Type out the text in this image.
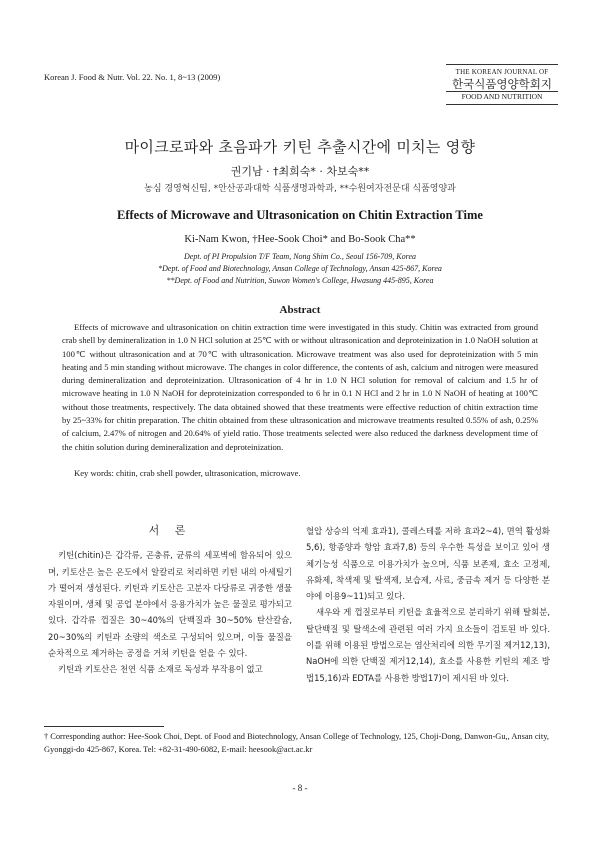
Korean J. Food & Nutr. Vol. 22. No. 1, 8~13 (2009)	THE KOREAN JOURNAL OF
한국식품영양학회지
FOOD AND NUTRITION
마이크로파와 초음파가 키틴 추출시간에 미치는 영향
권기남 · †최희숙* · 차보숙**
농심 경영혁신팀, *안산공과대학 식품생명과학과, **수원여자전문대 식품영양과
Effects of Microwave and Ultrasonication on Chitin Extraction Time
Ki-Nam Kwon, †Hee-Sook Choi* and Bo-Sook Cha**
Dept. of PI Propulsion T/F Team, Nong Shim Co., Seoul 156-709, Korea
*Dept. of Food and Biotechnology, Ansan College of Technology, Ansan 425-867, Korea
**Dept. of Food and Nutrition, Suwon Women's College, Hwasung 445-895, Korea
Abstract
Effects of microwave and ultrasonication on chitin extraction time were investigated in this study. Chitin was extracted from ground crab shell by demineralization in 1.0 N HCl solution at 25℃ with or without ultrasonication and deproteinization in 1.0 NaOH solution at 100℃ without ultrasonication and at 70℃ with ultrasonication. Microwave treatment was also used for deproteinization with 5 min heating and 5 min standing without microwave. The changes in color difference, the contents of ash, calcium and nitrogen were measured during demineralization and deproteinization. Ultrasonication of 4 hr in 1.0 N HCl solution for removal of calcium and 1.5 hr of microwave heating in 1.0 N NaOH for deproteinization corresponded to 6 hr in 0.1 N HCl and 2 hr in 1.0 N NaOH of heating at 100℃ without those treatments, respectively. The data obtained showed that these treatments were effective reduction of chitin extraction time by 25~33% for chitin preparation. The chitin obtained from these ultrasonication and microwave treatments resulted 0.55% of ash, 0.25% of calcium, 2.47% of nitrogen and 20.64% of yield ratio. Those treatments selected were also reduced the darkness development time of the chitin solution during demineralization and deproteinization.
Key words: chitin, crab shell powder, ultrasonication, microwave.
서 론

키틴(chitin)은 갑각류, 곤충류, 균류의 세포벽에 함유되어 있으며, 키토산은 높은 온도에서 알칼리로 처리하면 키틴 내의 아세틸기가 떨어져 생성된다. 키틴과 키토산은 고분자 다당류로 귀중한 생물자원이며, 생체 및 공업 분야에서 응용가치가 높은 물질로 평가되고 있다. 갑각류 껍질은 30~40%의 단백질과 30~50% 탄산칼슘, 20~30%의 키틴과 소량의 색소로 구성되어 있으며, 이들 물질을 순차적으로 제거하는 공정을 거쳐 키틴을 얻을 수 있다.

키틴과 키토산은 천연 식품 소재로 독성과 부작용이 없고

혈압 상승의 억제 효과1), 콜레스테롤 저하 효과2~4), 면역 활성화5,6), 항종양과 항암 효과7,8) 등의 우수한 특성을 보이고 있어 생체기능성 식품으로 이용가치가 높으며, 식품 보존제, 효소 고정제, 유화제, 착색제 및 탈색제, 보습제, 사료, 중금속 제거 등 다양한 분야에 이용9~11)되고 있다.

새우와 게 껍질로부터 키틴을 효율적으로 분리하기 위해 탈회분, 탈단백질 및 탈색소에 관련된 여러 가지 요소들이 검토된 바 있다. 이를 위해 이용된 방법으로는 염산처리에 의한 무기질 제거12,13), NaOH에 의한 단백질 제거12,14), 효소를 사용한 키틴의 제조 방법15,16)과 EDTA를 사용한 방법17)이 제시된 바 있다.

† Corresponding author: Hee-Sook Choi, Dept. of Food and Biotechnology, Ansan College of Technology, 125, Choji-Dong, Danwon-Gu,, Ansan city, Gyonggi-do 425-867, Korea. Tel: +82-31-490-6082, E-mail: heesook@act.ac.kr
- 8 -
